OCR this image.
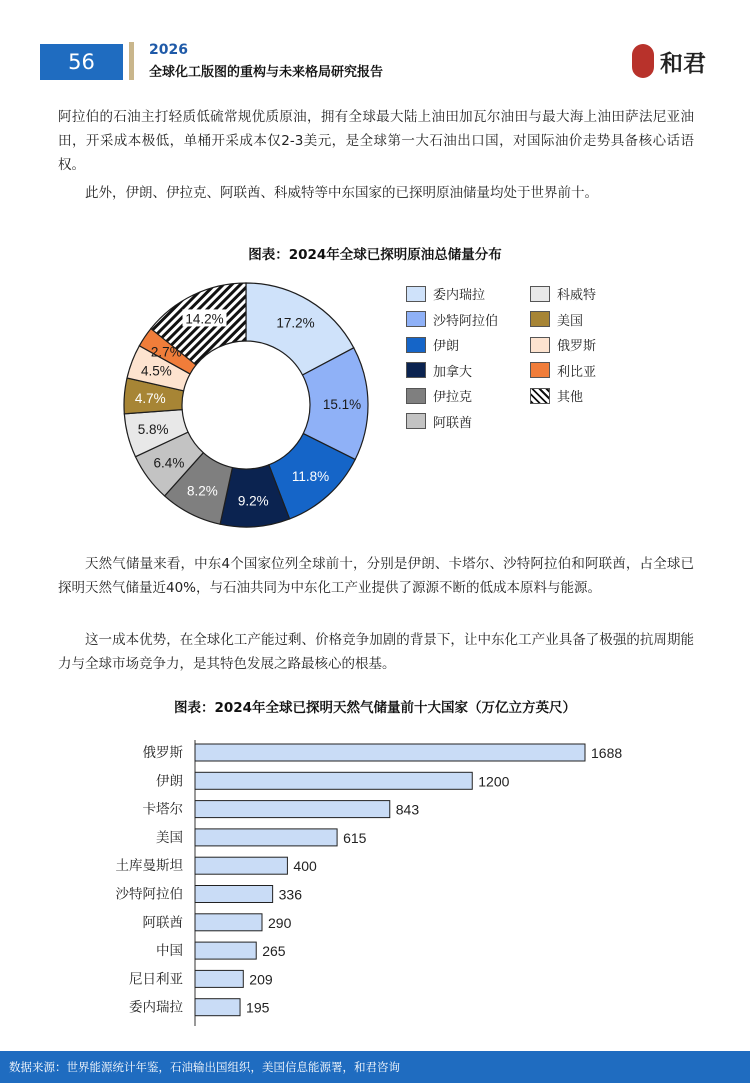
56	2026
全球化工版图的重构与未来格局研究报告	和君

阿拉伯的石油主打轻质低硫常规优质原油，拥有全球最大陆上油田加瓦尔油田与最大海上油田萨法尼亚油田，开采成本极低，单桶开采成本仅2-3美元，是全球第一大石油出口国，对国际油价走势具备核心话语权。

此外，伊朗、伊拉克、阿联酋、科威特等中东国家的已探明原油储量均处于世界前十。

图表：2024年全球已探明原油总储量分布
17.2%
15.1%
11.8%
9.2%
8.2%
6.4%
5.8%
4.7%
4.5%
2.7%
14.2%
委内瑞拉
沙特阿拉伯
伊朗
加拿大
伊拉克
阿联酋
科威特
美国
俄罗斯
利比亚
其他

天然气储量来看，中东4个国家位列全球前十，分别是伊朗、卡塔尔、沙特阿拉伯和阿联酋，占全球已探明天然气储量近40%，与石油共同为中东化工产业提供了源源不断的低成本原料与能源。

这一成本优势，在全球化工产能过剩、价格竞争加剧的背景下，让中东化工产业具备了极强的抗周期能力与全球市场竞争力，是其特色发展之路最核心的根基。

图表：2024年全球已探明天然气储量前十大国家（万亿立方英尺）
俄罗斯	1688
伊朗	1200
卡塔尔	843
美国	615
土库曼斯坦	400
沙特阿拉伯	336
阿联酋	290
中国	265
尼日利亚	209
委内瑞拉	195
数据来源：世界能源统计年鉴，石油输出国组织，美国信息能源署，和君咨询
